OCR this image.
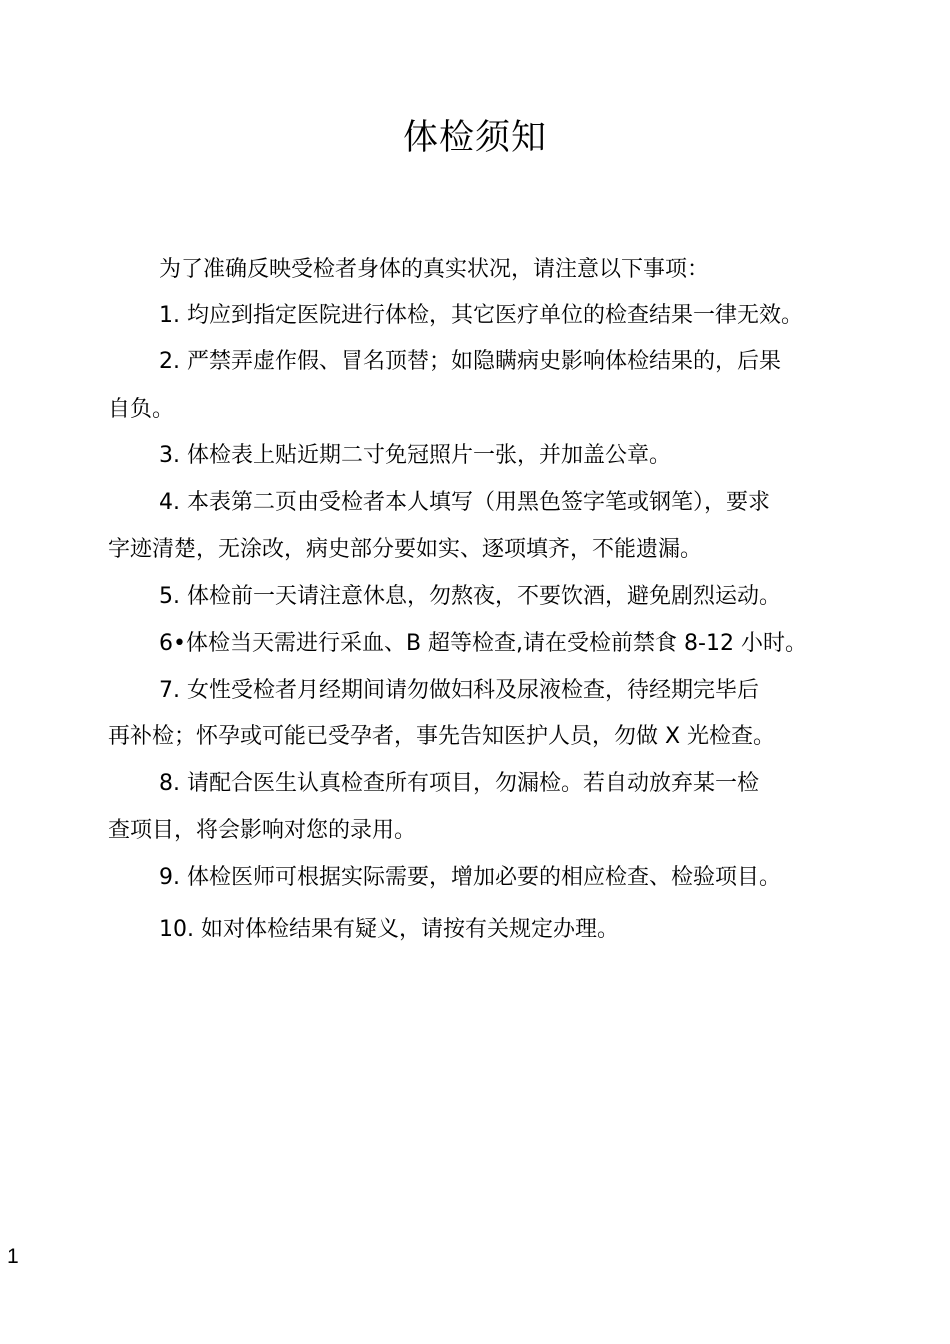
体检须知
为了准确反映受检者身体的真实状况，请注意以下事项：
1. 均应到指定医院进行体检，其它医疗单位的检查结果一律无效。
2. 严禁弄虚作假、冒名顶替；如隐瞒病史影响体检结果的，后果
自负。
3. 体检表上贴近期二寸免冠照片一张，并加盖公章。
4. 本表第二页由受检者本人填写（用黑色签字笔或钢笔），要求
字迹清楚，无涂改，病史部分要如实、逐项填齐，不能遗漏。
5. 体检前一天请注意休息，勿熬夜，不要饮酒，避免剧烈运动。
6•体检当天需进行采血、B 超等检查,请在受检前禁食 8-12 小时。
7. 女性受检者月经期间请勿做妇科及尿液检查，待经期完毕后
再补检；怀孕或可能已受孕者，事先告知医护人员，勿做 X 光检查。
8. 请配合医生认真检查所有项目，勿漏检。若自动放弃某一检
查项目，将会影响对您的录用。
9. 体检医师可根据实际需要，增加必要的相应检查、检验项目。
10. 如对体检结果有疑义，请按有关规定办理。
1
